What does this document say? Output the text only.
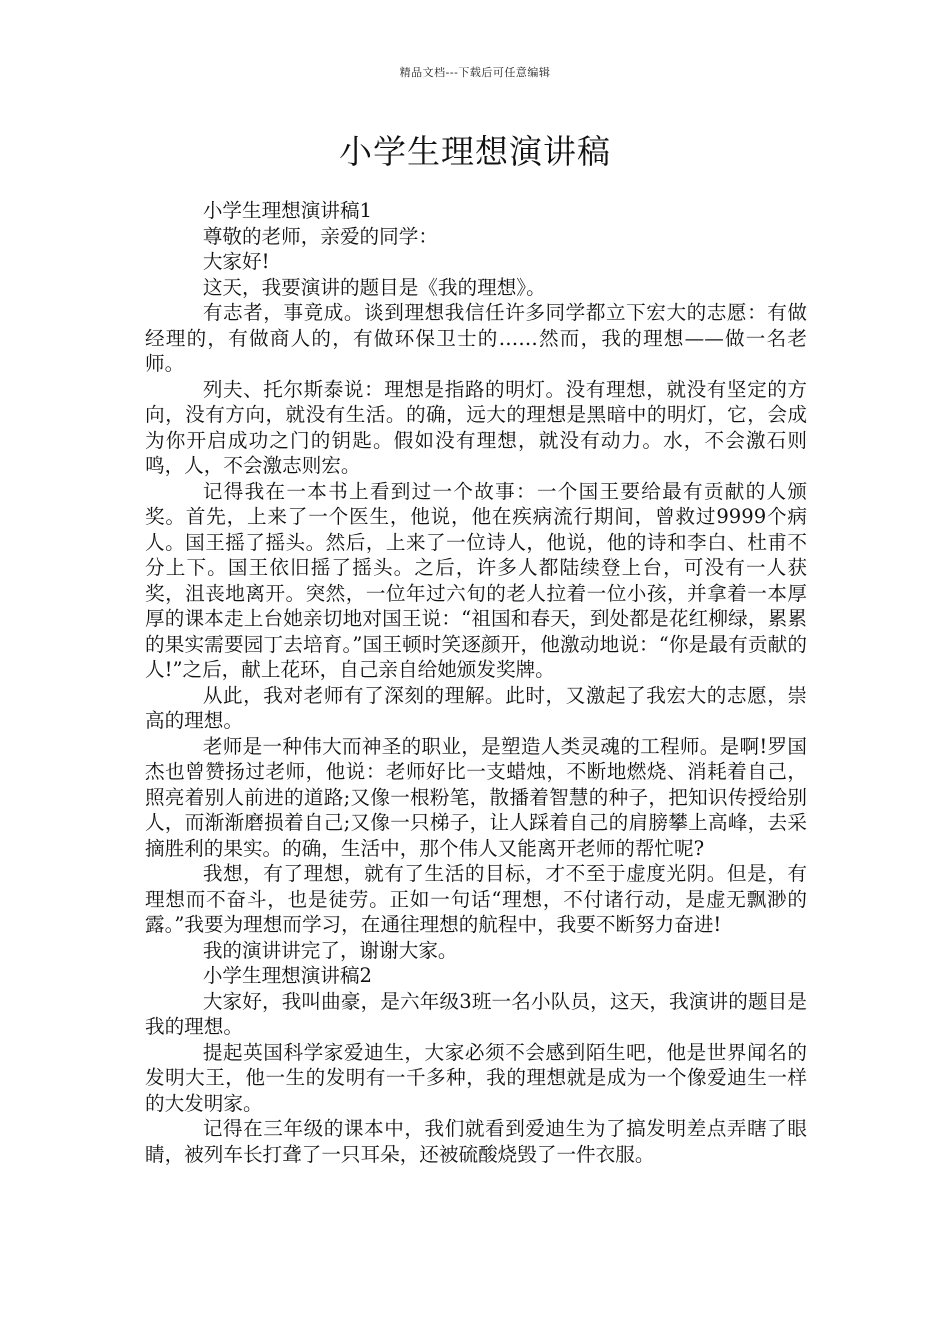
精品文档---下载后可任意编辑
小学生理想演讲稿

小学生理想演讲稿1

尊敬的老师，亲爱的同学：

大家好!

这天，我要演讲的题目是《我的理想》。

有志者，事竟成。谈到理想我信任许多同学都立下宏大的志愿：有做经理的，有做商人的，有做环保卫士的……然而，我的理想——做一名老师。

列夫、托尔斯泰说：理想是指路的明灯。没有理想，就没有坚定的方向，没有方向，就没有生活。的确，远大的理想是黑暗中的明灯，它，会成为你开启成功之门的钥匙。假如没有理想，就没有动力。水，不会激石则鸣，人，不会激志则宏。

记得我在一本书上看到过一个故事：一个国王要给最有贡献的人颁奖。首先，上来了一个医生，他说，他在疾病流行期间，曾救过9999个病人。国王摇了摇头。然后，上来了一位诗人，他说，他的诗和李白、杜甫不分上下。国王依旧摇了摇头。之后，许多人都陆续登上台，可没有一人获奖，沮丧地离开。突然，一位年过六旬的老人拉着一位小孩，并拿着一本厚厚的课本走上台她亲切地对国王说：“祖国和春天，到处都是花红柳绿，累累的果实需要园丁去培育。”国王顿时笑逐颜开，他激动地说：“你是最有贡献的人!”之后，献上花环，自己亲自给她颁发奖牌。

从此，我对老师有了深刻的理解。此时，又激起了我宏大的志愿，崇高的理想。

老师是一种伟大而神圣的职业，是塑造人类灵魂的工程师。是啊!罗国杰也曾赞扬过老师，他说：老师好比一支蜡烛，不断地燃烧、消耗着自己，照亮着别人前进的道路;又像一根粉笔，散播着智慧的种子，把知识传授给别人，而渐渐磨损着自己;又像一只梯子，让人踩着自己的肩膀攀上高峰，去采摘胜利的果实。的确，生活中，那个伟人又能离开老师的帮忙呢?

我想，有了理想，就有了生活的目标，才不至于虚度光阴。但是，有理想而不奋斗，也是徒劳。正如一句话“理想，不付诸行动，是虚无飘渺的露。”我要为理想而学习，在通往理想的航程中，我要不断努力奋进!

我的演讲讲完了，谢谢大家。

小学生理想演讲稿2

大家好，我叫曲豪，是六年级3班一名小队员，这天，我演讲的题目是我的理想。

提起英国科学家爱迪生，大家必须不会感到陌生吧，他是世界闻名的发明大王，他一生的发明有一千多种，我的理想就是成为一个像爱迪生一样的大发明家。

记得在三年级的课本中，我们就看到爱迪生为了搞发明差点弄瞎了眼睛，被列车长打聋了一只耳朵，还被硫酸烧毁了一件衣服。
